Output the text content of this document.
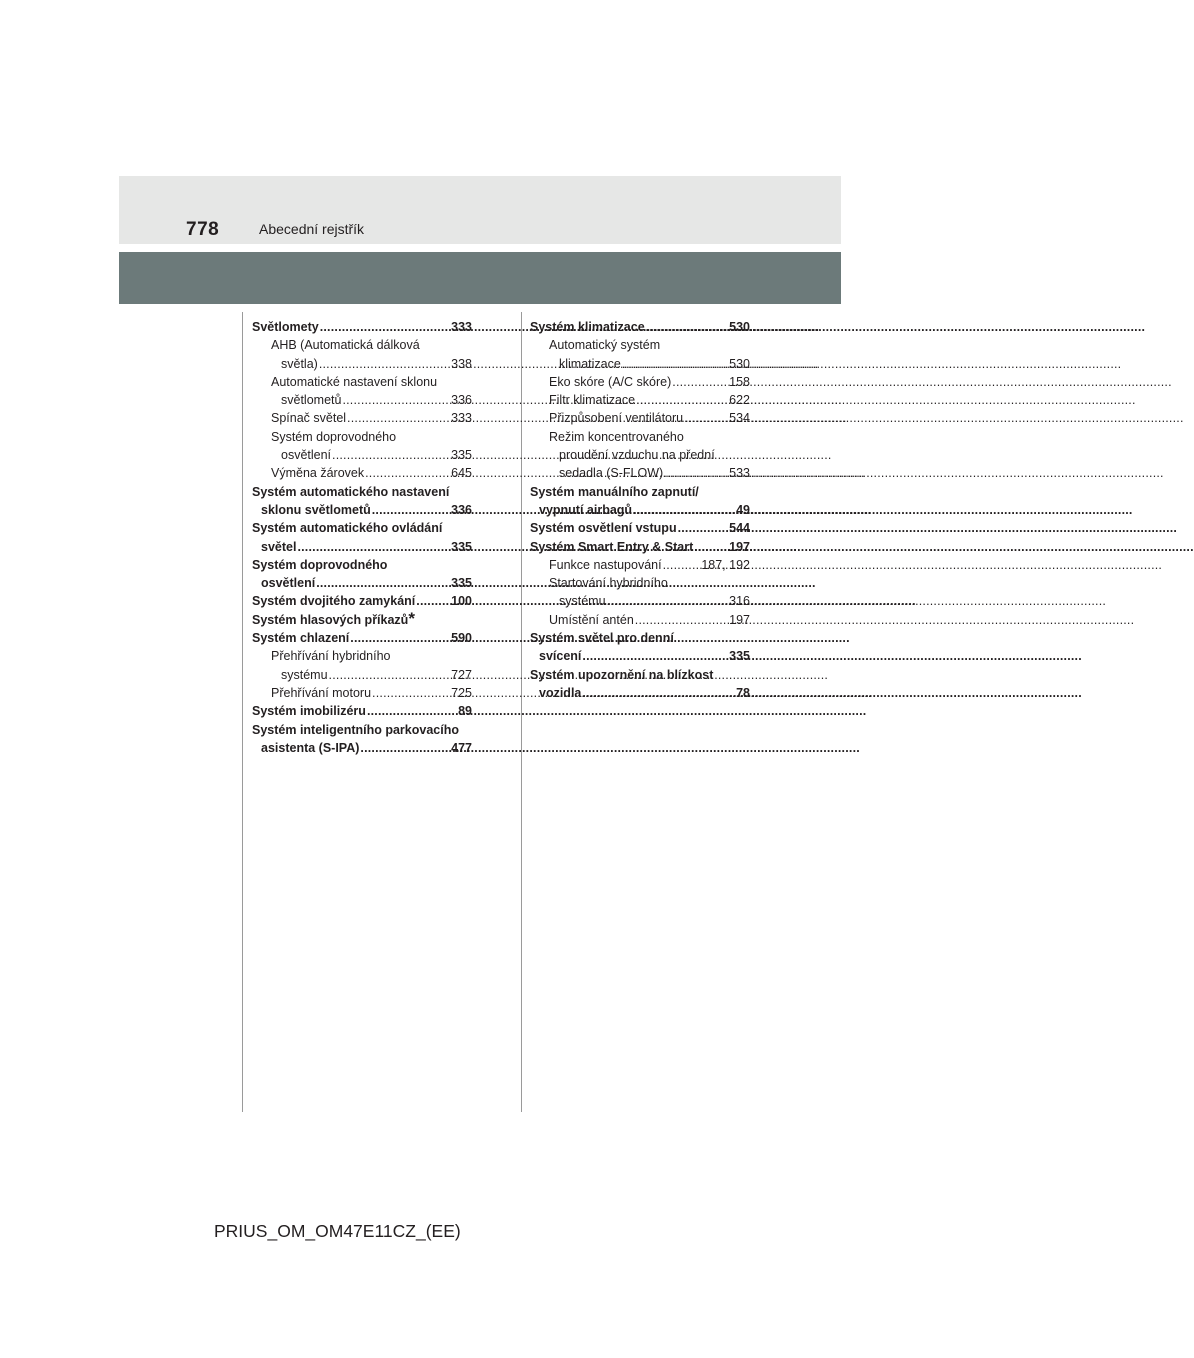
778	Abecední rejstřík
Světlomety .....	333
AHB (Automatická dálková
světla) .....	338
Automatické nastavení sklonu
světlometů .....	336
Spínač světel .....	333
Systém doprovodného
osvětlení .....	335
Výměna žárovek .....	645
Systém automatického nastavení
sklonu světlometů .....	336
Systém automatického ovládání
světel .....	335
Systém doprovodného
osvětlení .....	335
Systém dvojitého zamykání .....	100
Systém hlasových příkazů *
Systém chlazení .....	590
Přehřívání hybridního
systému .....	727
Přehřívání motoru .....	725
Systém imobilizéru .....	89
Systém inteligentního parkovacího
asistenta (S-IPA) .....	477
Systém klimatizace .....	530
Automatický systém
klimatizace .....	530
Eko skóre (A/C skóre) .....	158
Filtr klimatizace .....	622
Přizpůsobení ventilátoru .....	534
Režim koncentrovaného
proudění vzduchu na přední
sedadla (S-FLOW) .....	533
Systém manuálního zapnutí/
vypnutí airbagů .....	49
Systém osvětlení vstupu .....	544
Systém Smart Entry & Start .....	197
Funkce nastupování .....	187, 192
Startování hybridního
systému .....	316
Umístění antén .....	197
Systém světel pro denní
svícení .....	335
Systém upozornění na blízkost
vozidla .....	78
PRIUS_OM_OM47E11CZ_(EE)
